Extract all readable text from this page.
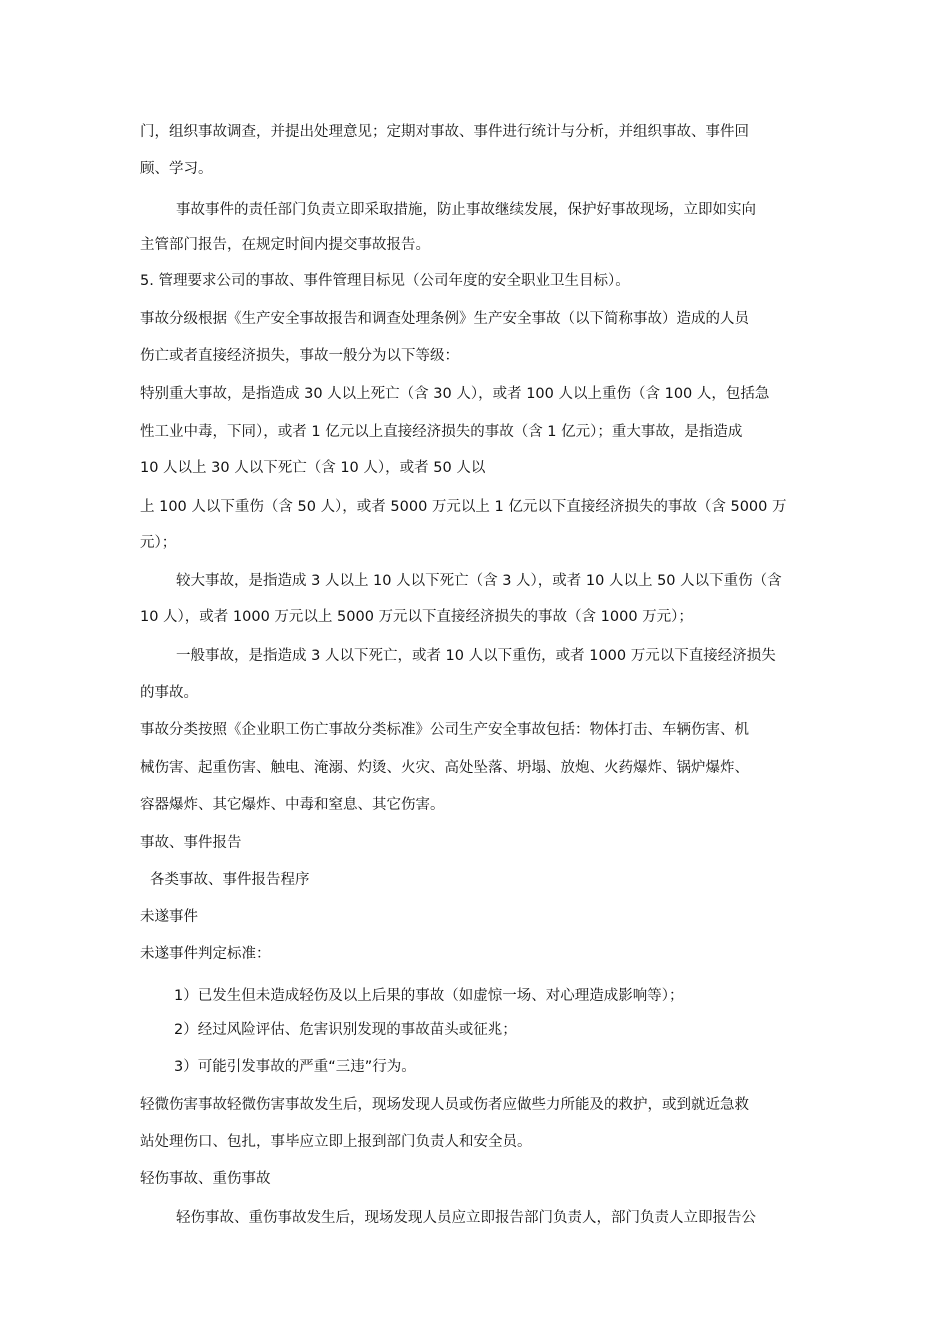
门，组织事故调查，并提出处理意见；定期对事故、事件进行统计与分析，并组织事故、事件回
顾、学习。
事故事件的责任部门负责立即采取措施，防止事故继续发展，保护好事故现场，立即如实向
主管部门报告，在规定时间内提交事故报告。
5. 管理要求公司的事故、事件管理目标见（公司年度的安全职业卫生目标）。
事故分级根据《生产安全事故报告和调查处理条例》生产安全事故（以下简称事故）造成的人员
伤亡或者直接经济损失，事故一般分为以下等级：
特别重大事故，是指造成 30 人以上死亡（含 30 人），或者 100 人以上重伤（含 100 人，包括急
性工业中毒，下同），或者 1 亿元以上直接经济损失的事故（含 1 亿元）；重大事故，是指造成
10 人以上 30 人以下死亡（含 10 人），或者 50 人以
上 100 人以下重伤（含 50 人），或者 5000 万元以上 1 亿元以下直接经济损失的事故（含 5000 万
元）；
较大事故，是指造成 3 人以上 10 人以下死亡（含 3 人），或者 10 人以上 50 人以下重伤（含
10 人），或者 1000 万元以上 5000 万元以下直接经济损失的事故（含 1000 万元）；
一般事故，是指造成 3 人以下死亡，或者 10 人以下重伤，或者 1000 万元以下直接经济损失
的事故。
事故分类按照《企业职工伤亡事故分类标准》公司生产安全事故包括：物体打击、车辆伤害、机
械伤害、起重伤害、触电、淹溺、灼烫、火灾、高处坠落、坍塌、放炮、火药爆炸、锅炉爆炸、
容器爆炸、其它爆炸、中毒和窒息、其它伤害。
事故、事件报告
各类事故、事件报告程序
未遂事件
未遂事件判定标准：
1）已发生但未造成轻伤及以上后果的事故（如虚惊一场、对心理造成影响等）；
2）经过风险评估、危害识别发现的事故苗头或征兆；
3）可能引发事故的严重“三违”行为。
轻微伤害事故轻微伤害事故发生后，现场发现人员或伤者应做些力所能及的救护，或到就近急救
站处理伤口、包扎，事毕应立即上报到部门负责人和安全员。
轻伤事故、重伤事故
轻伤事故、重伤事故发生后，现场发现人员应立即报告部门负责人，部门负责人立即报告公
